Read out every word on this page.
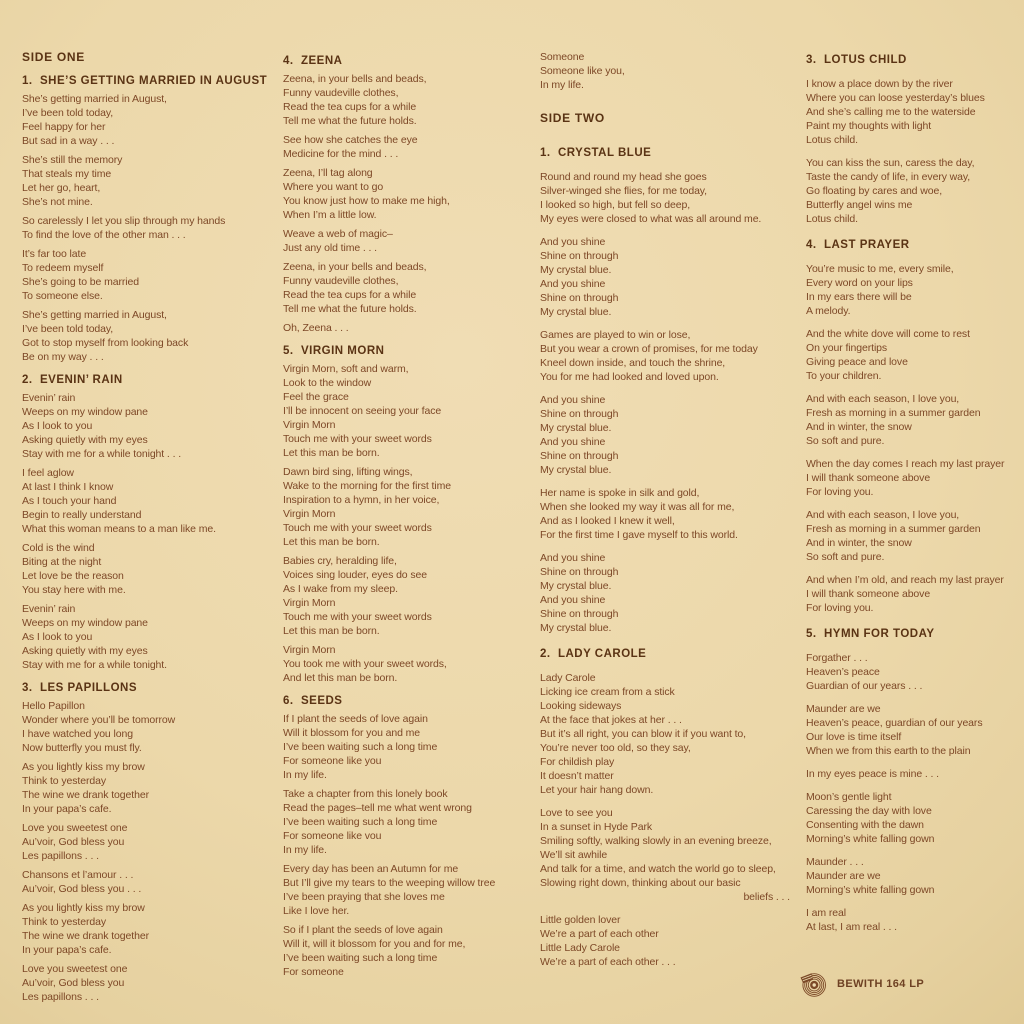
SIDE ONE
1.  SHE’S GETTING MARRIED IN AUGUST
She’s getting married in August,
I’ve been told today,
Feel happy for her
But sad in a way . . .
She’s still the memory
That steals my time
Let her go, heart,
She’s not mine.
So carelessly I let you slip through my hands
To find the love of the other man . . .
It’s far too late
To redeem myself
She’s going to be married
To someone else.
She’s getting married in August,
I’ve been told today,
Got to stop myself from looking back
Be on my way . . .
2.  EVENIN’ RAIN
Evenin’ rain
Weeps on my window pane
As I look to you
Asking quietly with my eyes
Stay with me for a while tonight . . .
I feel aglow
At last I think I know
As I touch your hand
Begin to really understand
What this woman means to a man like me.
Cold is the wind
Biting at the night
Let love be the reason
You stay here with me.
Evenin’ rain
Weeps on my window pane
As I look to you
Asking quietly with my eyes
Stay with me for a while tonight.
3.  LES PAPILLONS
Hello Papillon
Wonder where you’ll be tomorrow
I have watched you long
Now butterfly you must fly.
As you lightly kiss my brow
Think to yesterday
The wine we drank together
In your papa’s cafe.
Love you sweetest one
Au’voir, God bless you
Les papillons . . .
Chansons et l’amour . . .
Au’voir, God bless you . . .
As you lightly kiss my brow
Think to yesterday
The wine we drank together
In your papa’s cafe.
Love you sweetest one
Au’voir, God bless you
Les papillons . . .
4.  ZEENA
Zeena, in your bells and beads,
Funny vaudeville clothes,
Read the tea cups for a while
Tell me what the future holds.
See how she catches the eye
Medicine for the mind . . .
Zeena, I’ll tag along
Where you want to go
You know just how to make me high,
When I’m a little low.
Weave a web of magic–
Just any old time . . .
Zeena, in your bells and beads,
Funny vaudeville clothes,
Read the tea cups for a while
Tell me what the future holds.
Oh, Zeena . . .
5.  VIRGIN MORN
Virgin Morn, soft and warm,
Look to the window
Feel the grace
I’ll be innocent on seeing your face
Virgin Morn
Touch me with your sweet words
Let this man be born.
Dawn bird sing, lifting wings,
Wake to the morning for the first time
Inspiration to a hymn, in her voice,
Virgin Morn
Touch me with your sweet words
Let this man be born.
Babies cry, heralding life,
Voices sing louder, eyes do see
As I wake from my sleep.
Virgin Morn
Touch me with your sweet words
Let this man be born.
Virgin Morn
You took me with your sweet words,
And let this man be born.
6.  SEEDS
If I plant the seeds of love again
Will it blossom for you and me
I’ve been waiting such a long time
For someone like you
In my life.
Take a chapter from this lonely book
Read the pages–tell me what went wrong
I’ve been waiting such a long time
For someone like vou
In my life.
Every day has been an Autumn for me
But I’ll give my tears to the weeping willow tree
I’ve been praying that she loves me
Like I love her.
So if I plant the seeds of love again
Will it, will it blossom for you and for me,
I’ve been waiting such a long time
For someone
Someone
Someone like you,
In my life.
SIDE TWO
1.  CRYSTAL BLUE
Round and round my head she goes
Silver-winged she flies, for me today,
I looked so high, but fell so deep,
My eyes were closed to what was all around me.
And you shine
Shine on through
My crystal blue.
And you shine
Shine on through
My crystal blue.
Games are played to win or lose,
But you wear a crown of promises, for me today
Kneel down inside, and touch the shrine,
You for me had looked and loved upon.
And you shine
Shine on through
My crystal blue.
And you shine
Shine on through
My crystal blue.
Her name is spoke in silk and gold,
When she looked my way it was all for me,
And as I looked I knew it well,
For the first time I gave myself to this world.
And you shine
Shine on through
My crystal blue.
And you shine
Shine on through
My crystal blue.
2.  LADY CAROLE
Lady Carole
Licking ice cream from a stick
Looking sideways
At the face that jokes at her . . .
But it’s all right, you can blow it if you want to,
You’re never too old, so they say,
For childish play
It doesn’t matter
Let your hair hang down.
Love to see you
In a sunset in Hyde Park
Smiling softly, walking slowly in an evening breeze,
We’ll sit awhile
And talk for a time, and watch the world go to sleep,
Slowing right down, thinking about our basic
beliefs . . .
Little golden lover
We’re a part of each other
Little Lady Carole
We’re a part of each other . . .
3.  LOTUS CHILD
I know a place down by the river
Where you can loose yesterday’s blues
And she’s calling me to the waterside
Paint my thoughts with light
Lotus child.
You can kiss the sun, caress the day,
Taste the candy of life, in every way,
Go floating by cares and woe,
Butterfly angel wins me
Lotus child.
4.  LAST PRAYER
You’re music to me, every smile,
Every word on your lips
In my ears there will be
A melody.
And the white dove will come to rest
On your fingertips
Giving peace and love
To your children.
And with each season, I love you,
Fresh as morning in a summer garden
And in winter, the snow
So soft and pure.
When the day comes I reach my last prayer
I will thank someone above
For loving you.
And with each season, I love you,
Fresh as morning in a summer garden
And in winter, the snow
So soft and pure.
And when I’m old, and reach my last prayer
I will thank someone above
For loving you.
5.  HYMN FOR TODAY
Forgather . . .
Heaven’s peace
Guardian of our years . . .
Maunder are we
Heaven’s peace, guardian of our years
Our love is time itself
When we from this earth to the plain
In my eyes peace is mine . . .
Moon’s gentle light
Caressing the day with love
Consenting with the dawn
Morning’s white falling gown
Maunder . . .
Maunder are we
Morning’s white falling gown
I am real
At last, I am real . . .
BEWITH 164 LP
